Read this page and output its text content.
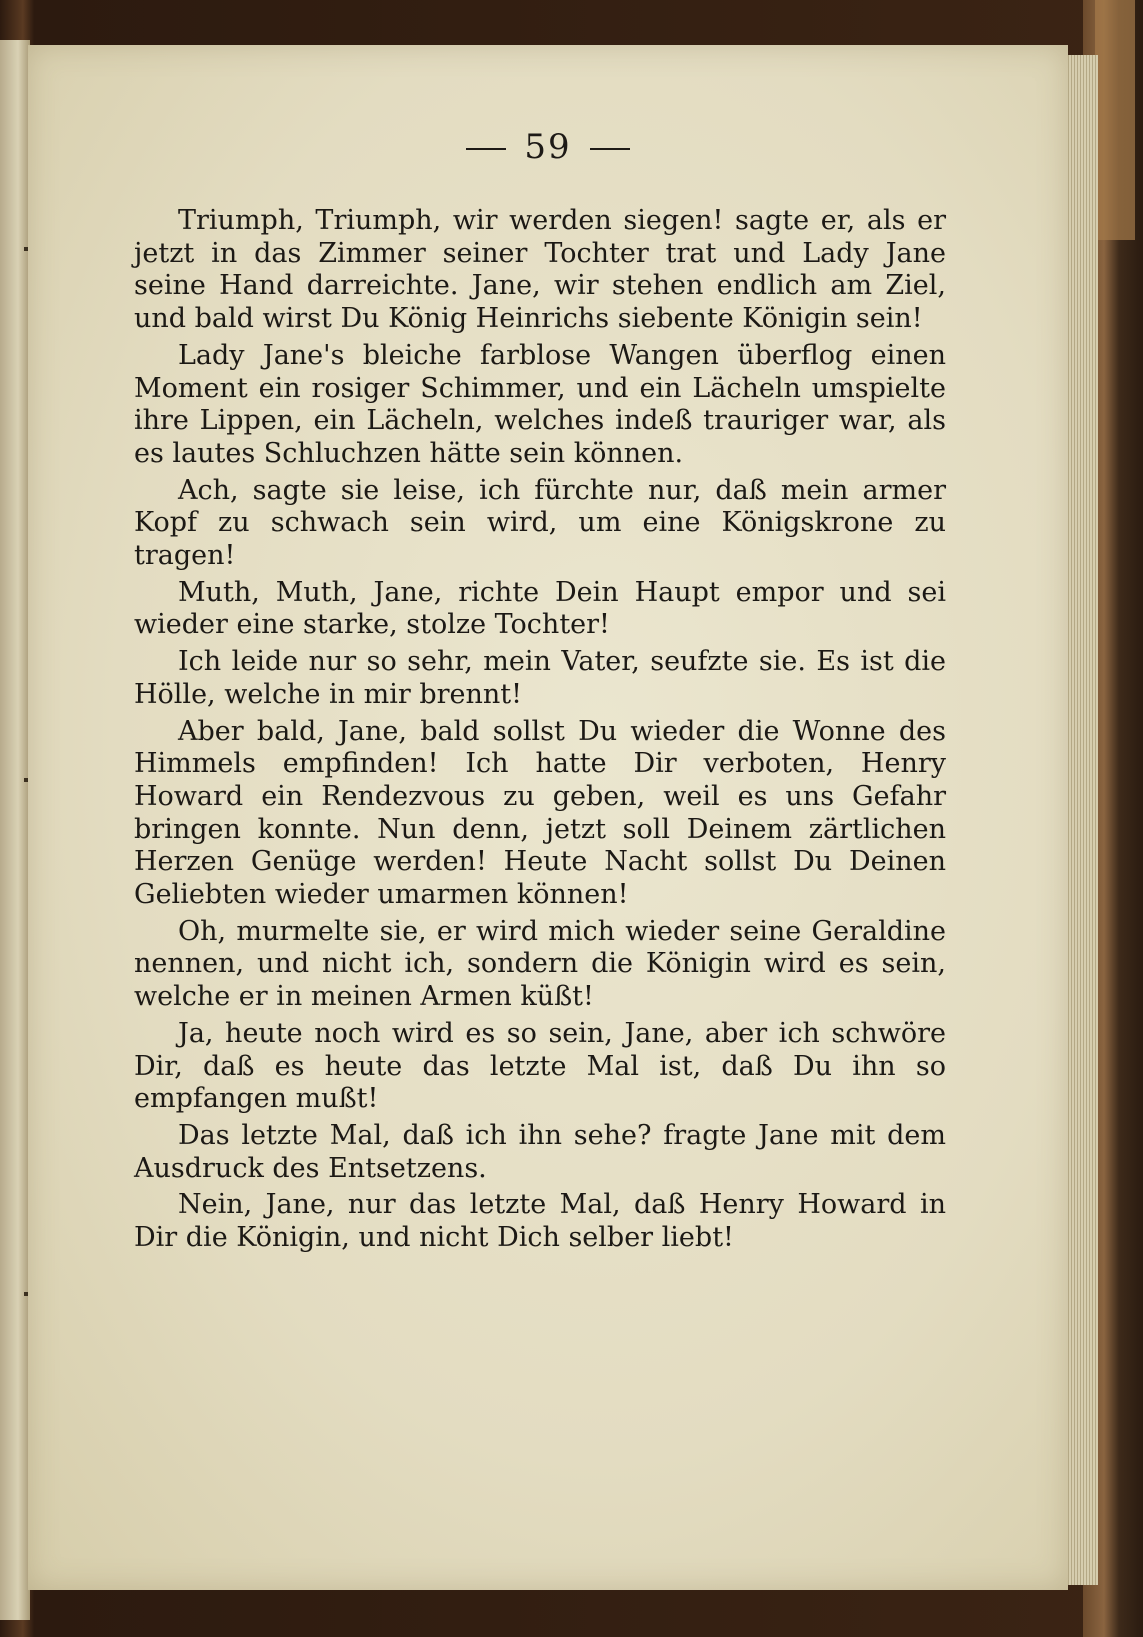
59

Triumph, Triumph, wir werden siegen! sagte er, als er jetzt in das Zimmer seiner Tochter trat und Lady Jane seine Hand darreichte. Jane, wir stehen endlich am Ziel, und bald wirst Du König Heinrichs siebente Königin sein!

Lady Jane's bleiche farblose Wangen überflog einen Moment ein rosiger Schimmer, und ein Lächeln umspielte ihre Lippen, ein Lächeln, welches indeß trauriger war, als es lautes Schluchzen hätte sein können.

Ach, sagte sie leise, ich fürchte nur, daß mein armer Kopf zu schwach sein wird, um eine Königskrone zu tragen!

Muth, Muth, Jane, richte Dein Haupt empor und sei wieder eine starke, stolze Tochter!

Ich leide nur so sehr, mein Vater, seufzte sie. Es ist die Hölle, welche in mir brennt!

Aber bald, Jane, bald sollst Du wieder die Wonne des Himmels empfinden! Ich hatte Dir verboten, Henry Howard ein Rendezvous zu geben, weil es uns Gefahr bringen konnte. Nun denn, jetzt soll Deinem zärtlichen Herzen Genüge werden! Heute Nacht sollst Du Deinen Geliebten wieder umarmen können!

Oh, murmelte sie, er wird mich wieder seine Geraldine nennen, und nicht ich, sondern die Königin wird es sein, welche er in meinen Armen küßt!

Ja, heute noch wird es so sein, Jane, aber ich schwöre Dir, daß es heute das letzte Mal ist, daß Du ihn so empfangen mußt!

Das letzte Mal, daß ich ihn sehe? fragte Jane mit dem Ausdruck des Entsetzens.

Nein, Jane, nur das letzte Mal, daß Henry Howard in Dir die Königin, und nicht Dich selber liebt!
